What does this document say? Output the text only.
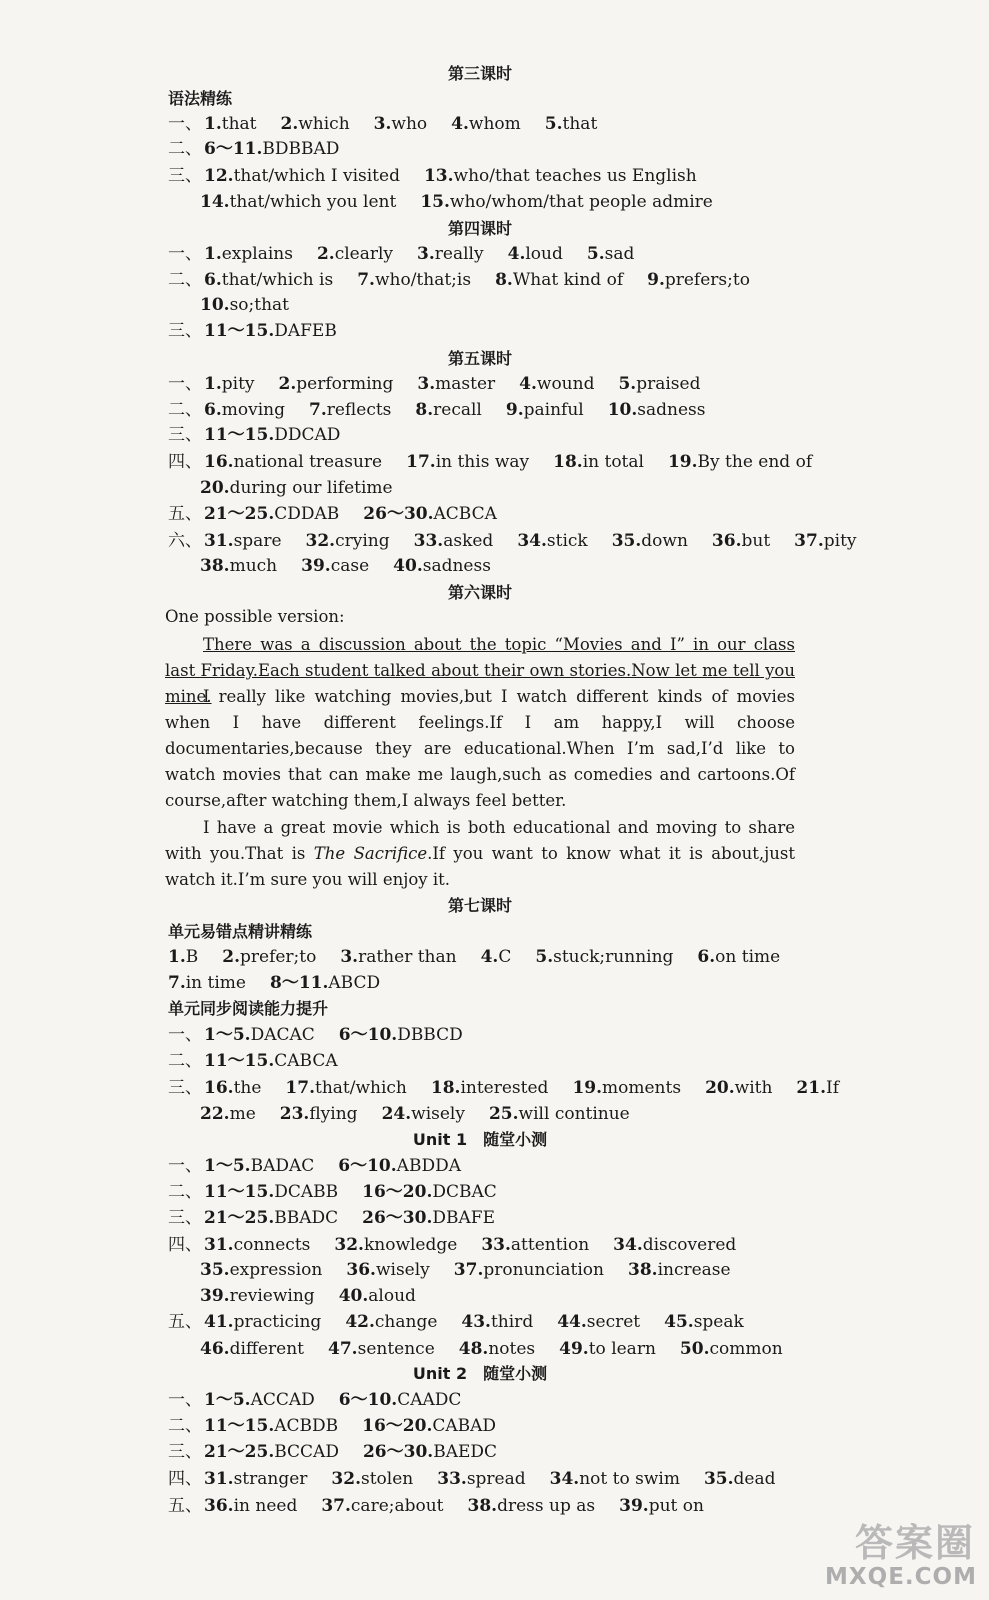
第三课时
第四课时
第五课时
第六课时
第七课时
Unit 1　随堂小测
Unit 2　随堂小测
语法精练
单元易错点精讲精练
单元同步阅读能力提升
一、 1.that 2.which 3.who 4.whom 5.that
二、 6～11.BDBBAD
三、 12.that/which I visited 13.who/that teaches us English
14.that/which you lent 15.who/whom/that people admire
一、 1.explains 2.clearly 3.really 4.loud 5.sad
二、 6.that/which is 7.who/that;is 8.What kind of 9.prefers;to
10.so;that
三、 11～15.DAFEB
一、 1.pity 2.performing 3.master 4.wound 5.praised
二、 6.moving 7.reflects 8.recall 9.painful 10.sadness
三、 11～15.DDCAD
四、 16.national treasure 17.in this way 18.in total 19.By the end of
20.during our lifetime
五、 21～25.CDDAB 26～30.ACBCA
六、 31.spare 32.crying 33.asked 34.stick 35.down 36.but 37.pity
38.much 39.case 40.sadness
1.B 2.prefer;to 3.rather than 4.C 5.stuck;running 6.on time
7.in time 8～11.ABCD
一、 1～5.DACAC 6～10.DBBCD
二、 11～15.CABCA
三、 16.the 17.that/which 18.interested 19.moments 20.with 21.If
22.me 23.flying 24.wisely 25.will continue
一、 1～5.BADAC 6～10.ABDDA
二、 11～15.DCABB 16～20.DCBAC
三、 21～25.BBADC 26～30.DBAFE
四、 31.connects 32.knowledge 33.attention 34.discovered
35.expression 36.wisely 37.pronunciation 38.increase
39.reviewing 40.aloud
五、 41.practicing 42.change 43.third 44.secret 45.speak
46.different 47.sentence 48.notes 49.to learn 50.common
一、 1～5.ACCAD 6～10.CAADC
二、 11～15.ACBDB 16～20.CABAD
三、 21～25.BCCAD 26～30.BAEDC
四、 31.stranger 32.stolen 33.spread 34.not to swim 35.dead
五、 36.in need 37.care;about 38.dress up as 39.put on
One possible version:
There was a discussion about the topic “Movies and I” in our class last Friday.Each student talked about their own stories.Now let me tell you mine.
I really like watching movies,but I watch different kinds of movies when I have different feelings.If I am happy,I will choose documentaries,because they are educational.When I’m sad,I’d like to watch movies that can make me laugh,such as comedies and cartoons.Of course,after watching them,I always feel better.
I have a great movie which is both educational and moving to share with you.That is The Sacrifice.If you want to know what it is about,just watch it.I’m sure you will enjoy it.
答案圈
MXQE.COM
